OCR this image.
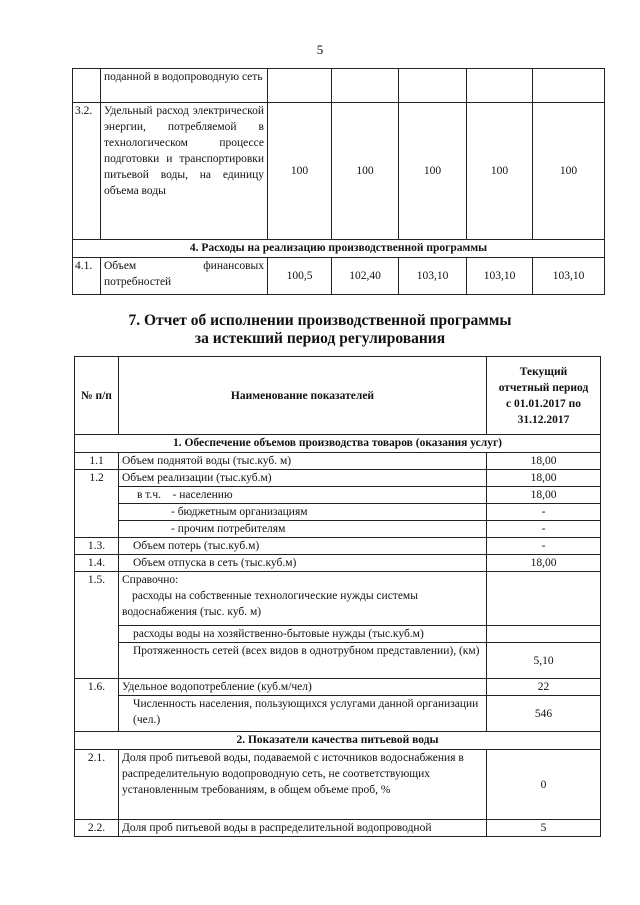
5
	поданной в водопроводную сеть					
3.2.	Удельный расход электрической энергии, потребляемой в технологическом процессе подготовки и транспортировки питьевой воды, на единицу объема воды	100	100	100	100	100
4. Расходы на реализацию производственной программы						
4.1.	Объем финансовых потребностей	100,5	102,40	103,10	103,10	103,10
7. Отчет об исполнении производственной программы
за истекший период регулирования
№ п/п	Наименование показателей	Текущий
отчетный период
с 01.01.2017 по
31.12.2017

1. Обеспечение объемов производства товаров (оказания услуг)		
1.1	Объем поднятой воды (тыс.куб. м)	18,00
1.2	Объем реализации (тыс.куб.м)	18,00
	в т.ч.    - населению	18,00
	- бюджетным организациям	-
	- прочим потребителям	-
1.3.	Объем потерь (тыс.куб.м)	-
1.4.	Объем отпуска в сеть (тыс.куб.м)	18,00
1.5.	Справочно:
расходы на собственные технологические нужды системы
водоснабжения (тыс. куб. м)	

	расходы воды на хозяйственно-бытовые нужды (тыс.куб.м)	
	Протяженность сетей (всех видов в однотрубном представлении), (км)	5,10
1.6.	Удельное водопотребление (куб.м/чел)	22
	Численность населения, пользующихся услугами данной организации (чел.)	546
2. Показатели качества питьевой воды		
2.1.	Доля проб питьевой воды, подаваемой с источников водоснабжения в распределительную водопроводную сеть, не соответствующих установленным требованиям, в общем объеме проб, %	0
2.2.	Доля проб питьевой воды в распределительной водопроводной	5
